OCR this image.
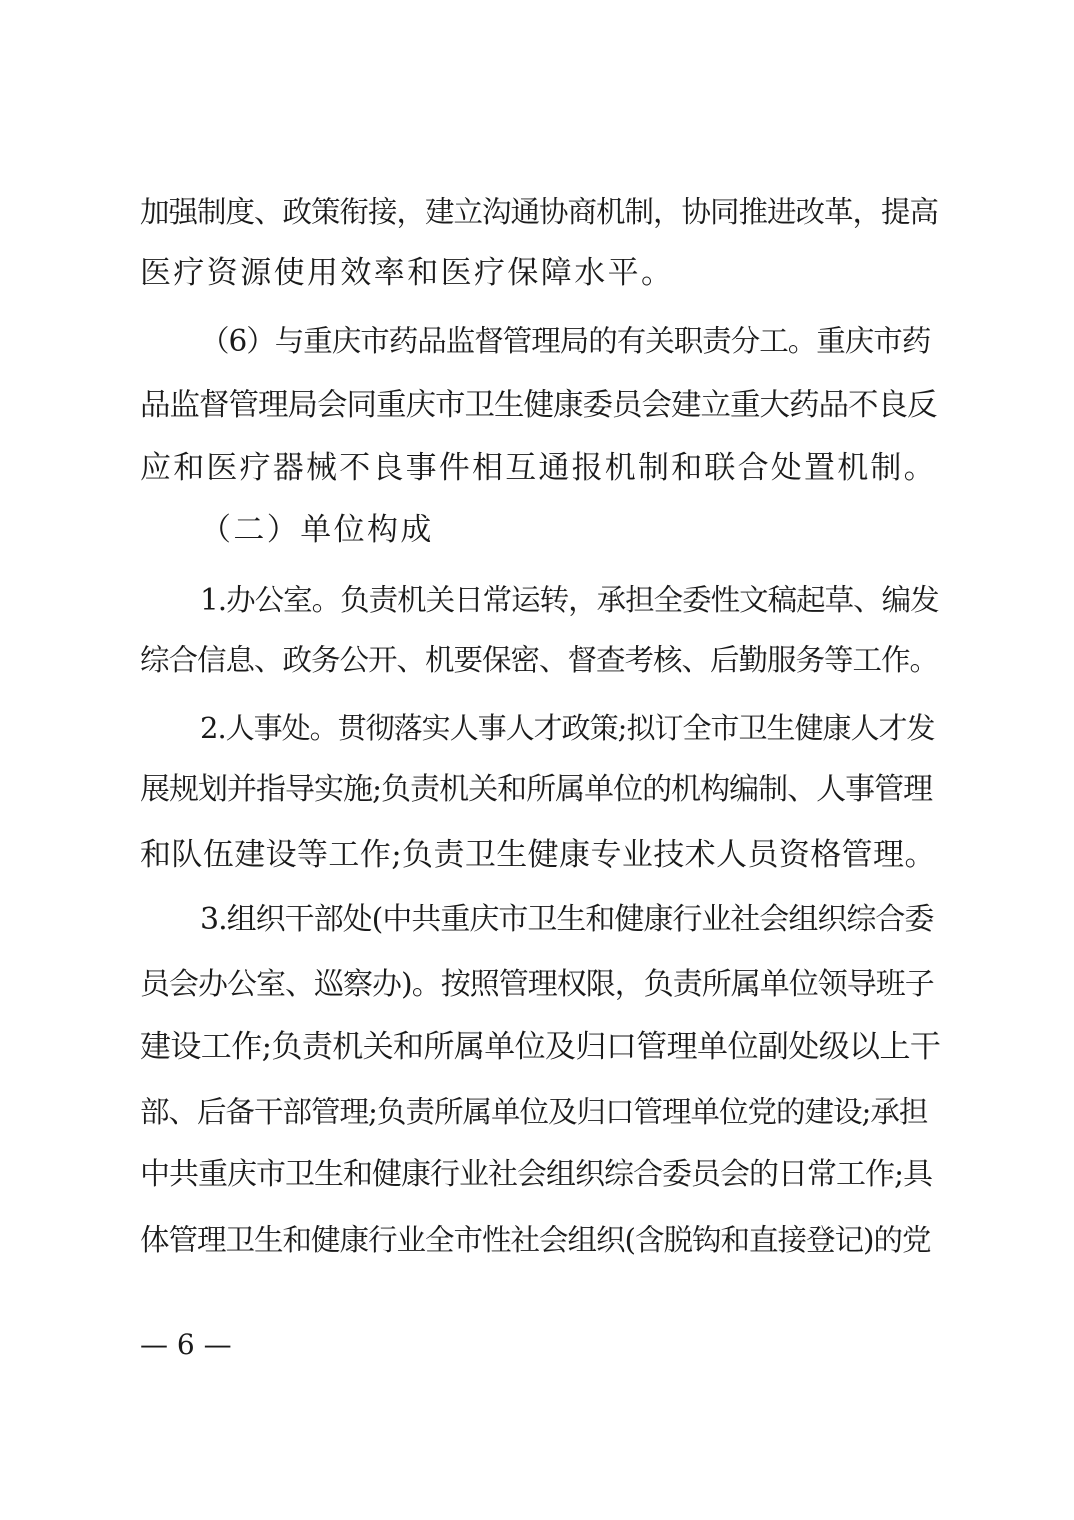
加强制度、政策衔接，建立沟通协商机制，协同推进改革，提高
医疗资源使用效率和医疗保障水平。
（6）与重庆市药品监督管理局的有关职责分工。重庆市药
品监督管理局会同重庆市卫生健康委员会建立重大药品不良反
应和医疗器械不良事件相互通报机制和联合处置机制。
（二）单位构成
1.办公室。负责机关日常运转，承担全委性文稿起草、编发
综合信息、政务公开、机要保密、督查考核、后勤服务等工作。
2.人事处。贯彻落实人事人才政策;拟订全市卫生健康人才发
展规划并指导实施;负责机关和所属单位的机构编制、人事管理
和队伍建设等工作;负责卫生健康专业技术人员资格管理。
3.组织干部处(中共重庆市卫生和健康行业社会组织综合委
员会办公室、巡察办)。按照管理权限，负责所属单位领导班子
建设工作;负责机关和所属单位及归口管理单位副处级以上干
部、后备干部管理;负责所属单位及归口管理单位党的建设;承担
中共重庆市卫生和健康行业社会组织综合委员会的日常工作;具
体管理卫生和健康行业全市性社会组织(含脱钩和直接登记)的党
— 6 —
